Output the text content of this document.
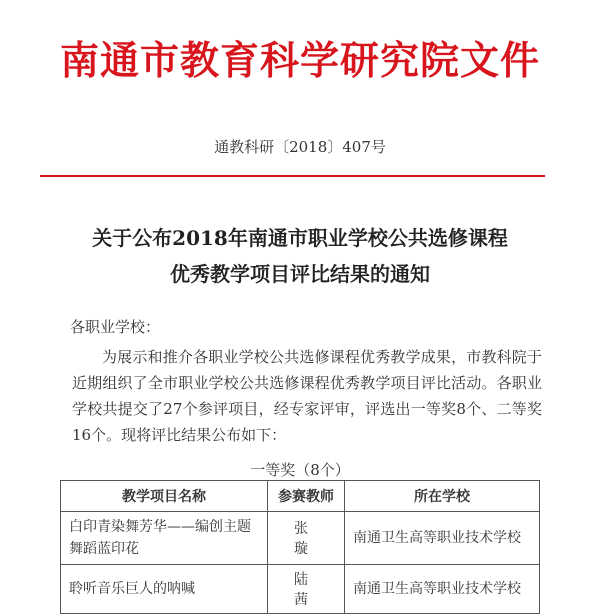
南通市教育科学研究院文件
通教科研〔2018〕407号
关于公布2018年南通市职业学校公共选修课程
优秀教学项目评比结果的通知
各职业学校：
为展示和推介各职业学校公共选修课程优秀教学成果，市教科院于近期组织了全市职业学校公共选修课程优秀教学项目评比活动。各职业学校共提交了27个参评项目，经专家评审，评选出一等奖8个、二等奖16个。现将评比结果公布如下：
一等奖（8个）
教学项目名称	参赛教师	所在学校
白印青染舞芳华——编创主题舞蹈蓝印花	张 璇	南通卫生高等职业技术学校
聆听音乐巨人的呐喊	陆 茜	南通卫生高等职业技术学校
